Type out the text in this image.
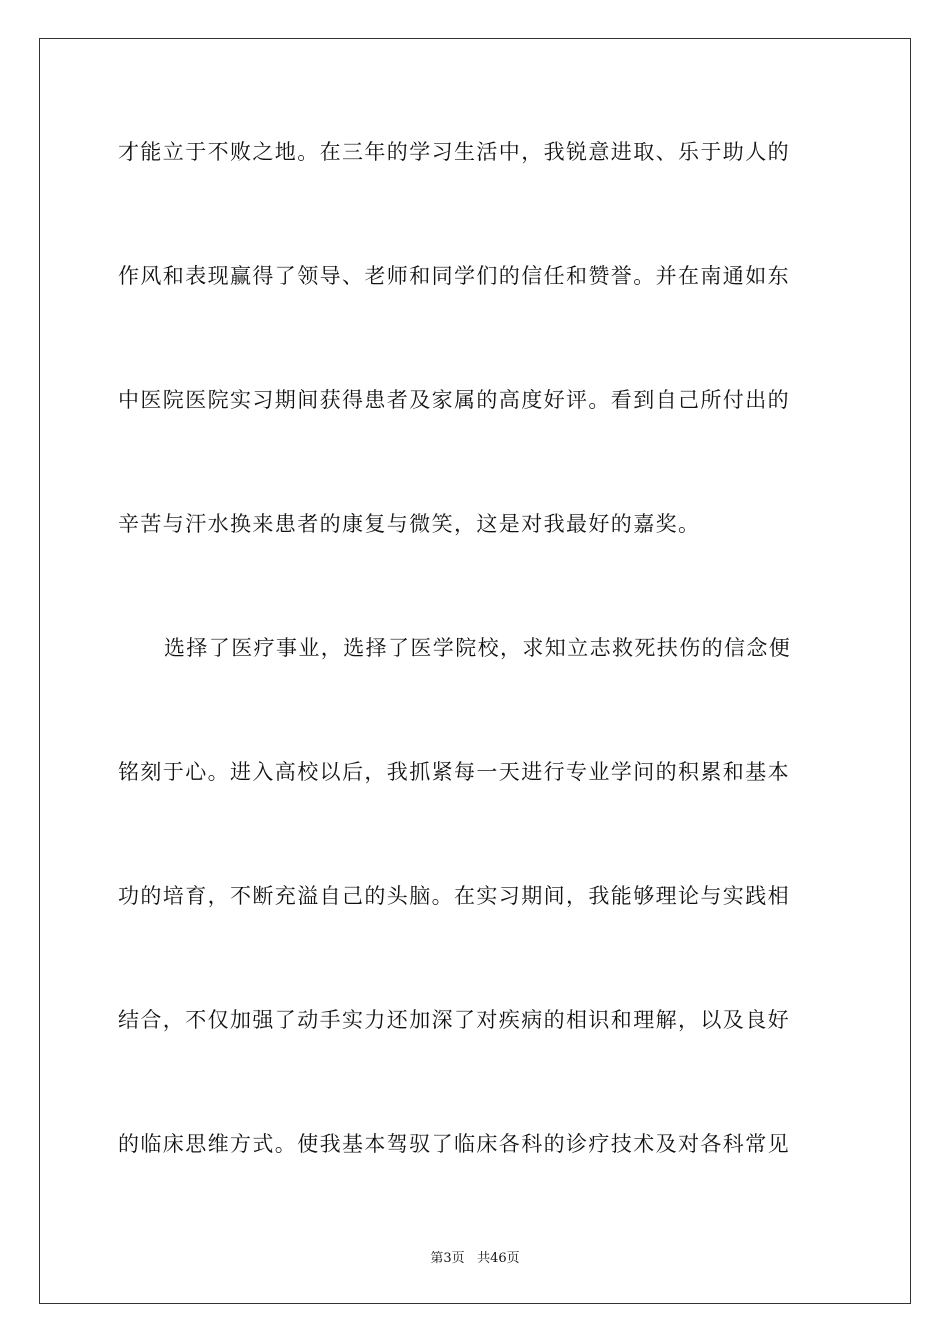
才能立于不败之地。在三年的学习生活中，我锐意进取、乐于助人的
作风和表现赢得了领导、老师和同学们的信任和赞誉。并在南通如东
中医院医院实习期间获得患者及家属的高度好评。看到自己所付出的
辛苦与汗水换来患者的康复与微笑，这是对我最好的嘉奖。
选择了医疗事业，选择了医学院校，求知立志救死扶伤的信念便
铭刻于心。进入高校以后，我抓紧每一天进行专业学问的积累和基本
功的培育，不断充溢自己的头脑。在实习期间，我能够理论与实践相
结合，不仅加强了动手实力还加深了对疾病的相识和理解，以及良好
的临床思维方式。使我基本驾驭了临床各科的诊疗技术及对各科常见
第3页 共46页
